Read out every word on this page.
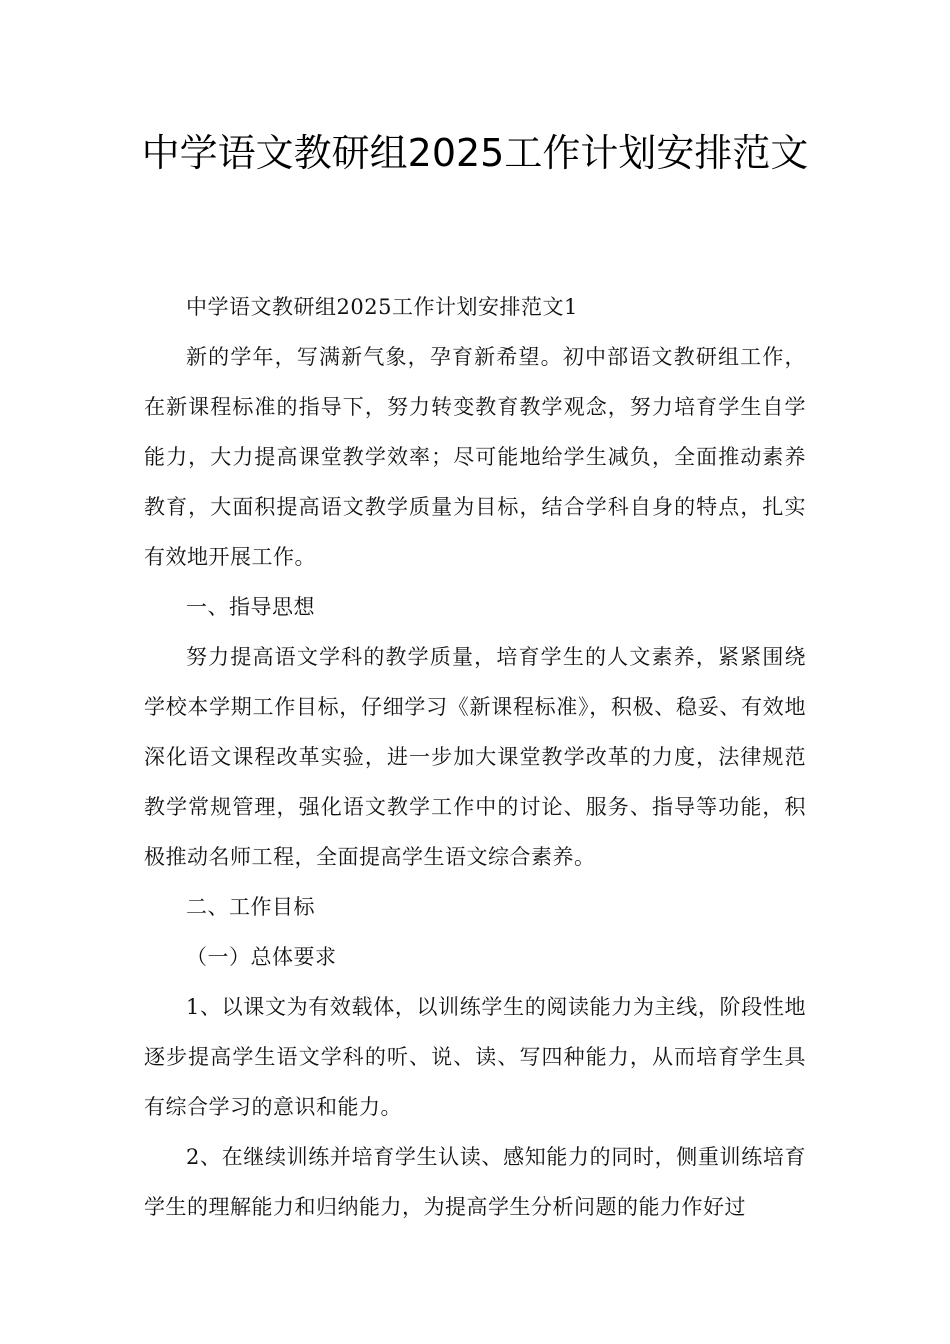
中学语文教研组2025工作计划安排范文

中学语文教研组2025工作计划安排范文1

新的学年，写满新气象，孕育新希望。初中部语文教研组工作，在新课程标准的指导下，努力转变教育教学观念，努力培育学生自学能力，大力提高课堂教学效率；尽可能地给学生减负，全面推动素养教育，大面积提高语文教学质量为目标，结合学科自身的特点，扎实有效地开展工作。

一、指导思想

努力提高语文学科的教学质量，培育学生的人文素养，紧紧围绕学校本学期工作目标，仔细学习《新课程标准》，积极、稳妥、有效地深化语文课程改革实验，进一步加大课堂教学改革的力度，法律规范教学常规管理，强化语文教学工作中的讨论、服务、指导等功能，积极推动名师工程，全面提高学生语文综合素养。

二、工作目标

（一）总体要求

1、以课文为有效载体，以训练学生的阅读能力为主线，阶段性地逐步提高学生语文学科的听、说、读、写四种能力，从而培育学生具有综合学习的意识和能力。

2、在继续训练并培育学生认读、感知能力的同时，侧重训练培育学生的理解能力和归纳能力，为提高学生分析问题的能力作好过
